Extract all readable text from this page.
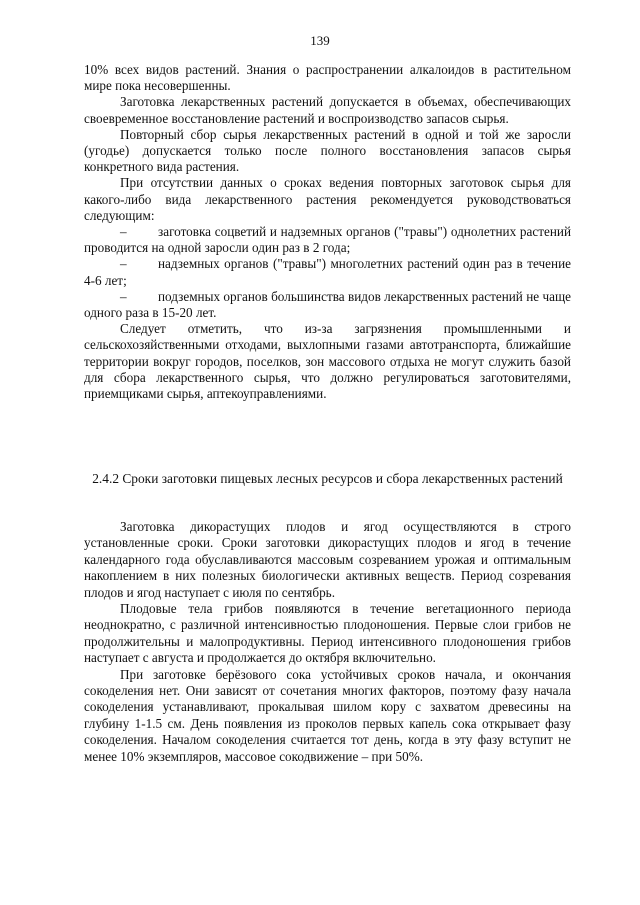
139

10% всех видов растений. Знания о распространении алкалоидов в растительном мире пока несовершенны.

Заготовка лекарственных растений допускается в объемах, обеспечивающих своевременное восстановление растений и воспроизводство запасов сырья.

Повторный сбор сырья лекарственных растений в одной и той же заросли (угодье) допускается только после полного восстановления запасов сырья конкретного вида растения.

При отсутствии данных о сроках ведения повторных заготовок сырья для какого-либо вида лекарственного растения рекомендуется руководствоваться следующим:

– заготовка соцветий и надземных органов ("травы") однолетних растений проводится на одной заросли один раз в 2 года;

– надземных органов ("травы") многолетних растений один раз в течение 4-6 лет;

– подземных органов большинства видов лекарственных растений не чаще одного раза в 15-20 лет.

Следует отметить, что из-за загрязнения промышленными и сельскохозяйственными отходами, выхлопными газами автотранспорта, ближайшие территории вокруг городов, поселков, зон массового отдыха не могут служить базой для сбора лекарственного сырья, что должно регулироваться заготовителями, приемщиками сырья, аптекоуправлениями.

2.4.2 Сроки заготовки пищевых лесных ресурсов и сбора лекарственных растений

Заготовка дикорастущих плодов и ягод осуществляются в строго установленные сроки. Сроки заготовки дикорастущих плодов и ягод в течение календарного года обуславливаются массовым созреванием урожая и оптимальным накоплением в них полезных биологически активных веществ. Период созревания плодов и ягод наступает с июля по сентябрь.

Плодовые тела грибов появляются в течение вегетационного периода неоднократно, с различной интенсивностью плодоношения. Первые слои грибов не продолжительны и малопродуктивны. Период интенсивного плодоношения грибов наступает с августа и продолжается до октября включительно.

При заготовке берёзового сока устойчивых сроков начала, и окончания сокоделения нет. Они зависят от сочетания многих факторов, поэтому фазу начала сокоделения устанавливают, прокалывая шилом кору с захватом древесины на глубину 1-1.5 см. День появления из проколов первых капель сока открывает фазу сокоделения. Началом сокоделения считается тот день, когда в эту фазу вступит не менее 10% экземпляров, массовое сокодвижение – при 50%.
